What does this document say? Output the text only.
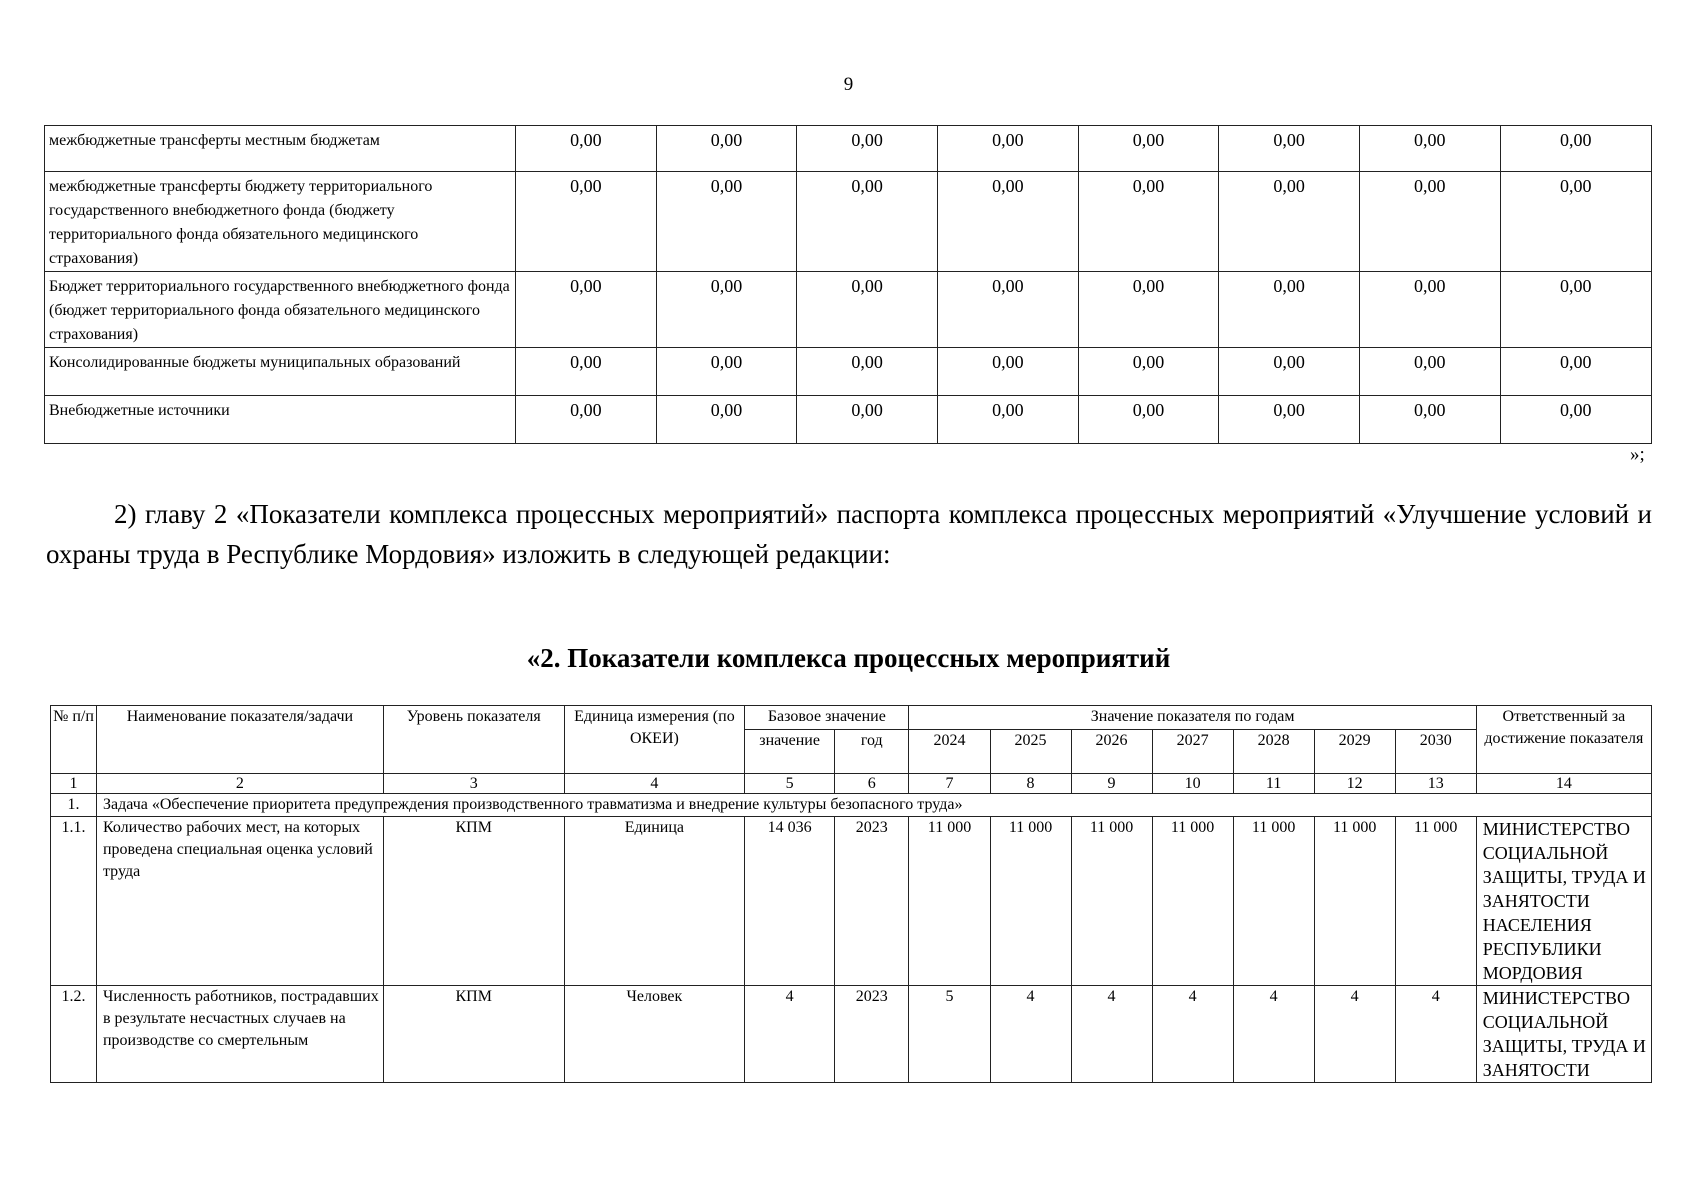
9
межбюджетные трансферты местным бюджетам	0,00	0,00	0,00	0,00	0,00	0,00	0,00	0,00
межбюджетные трансферты бюджету территориального государственного внебюджетного фонда (бюджету территориального фонда обязательного медицинского страхования)	0,00	0,00	0,00	0,00	0,00	0,00	0,00	0,00
Бюджет территориального государственного внебюджетного фонда (бюджет территориального фонда обязательного медицинского страхования)	0,00	0,00	0,00	0,00	0,00	0,00	0,00	0,00
Консолидированные бюджеты муниципальных образований	0,00	0,00	0,00	0,00	0,00	0,00	0,00	0,00
Внебюджетные источники	0,00	0,00	0,00	0,00	0,00	0,00	0,00	0,00
»;
2) главу 2 «Показатели комплекса процессных мероприятий» паспорта комплекса процессных мероприятий «Улучшение условий и охраны труда в Республике Мордовия» изложить в следующей редакции:
«2. Показатели комплекса процессных мероприятий
№ п/п	Наименование показателя/задачи	Уровень показателя	Единица измерения (по ОКЕИ)	Базовое значение		Значение показателя по годам							Ответственный за достижение показателя
				значение	год	2024	2025	2026	2027	2028	2029	2030	
1	2	3	4	5	6	7	8	9	10	11	12	13	14
1.	Задача «Обеспечение приоритета предупреждения производственного травматизма и внедрение культуры безопасного труда»												
1.1.	Количество рабочих мест, на которых проведена специальная оценка условий труда	КПМ	Единица	14 036	2023	11 000	11 000	11 000	11 000	11 000	11 000	11 000	МИНИСТЕРСТВО СОЦИАЛЬНОЙ ЗАЩИТЫ, ТРУДА И ЗАНЯТОСТИ НАСЕЛЕНИЯ РЕСПУБЛИКИ МОРДОВИЯ
1.2.	Численность работников, пострадавших в результате несчастных случаев на производстве со смертельным	КПМ	Человек	4	2023	5	4	4	4	4	4	4	МИНИСТЕРСТВО СОЦИАЛЬНОЙ ЗАЩИТЫ, ТРУДА И ЗАНЯТОСТИ
